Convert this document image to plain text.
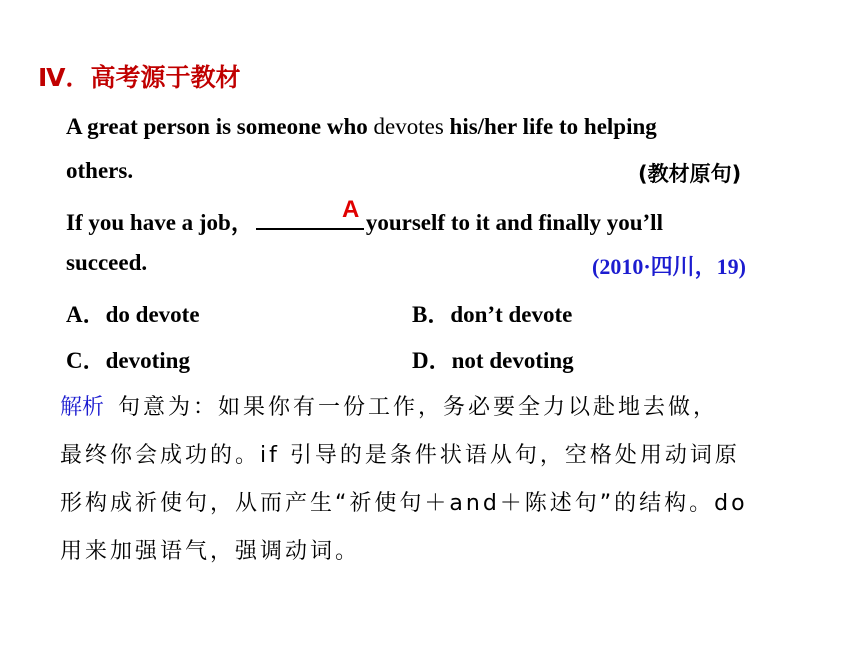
Ⅳ．高考源于教材
A great person is someone who devotes his/her life to helping
others.	(教材原句)
If you have a job，	yourself to it and finally you’ll
A
succeed.	(2010·四川，19)
A．do devote	B．don’t devote
C．devoting	D．not devoting
解析 句意为：如果你有一份工作，务必要全力以赴地去做，
最终你会成功的。if 引导的是条件状语从句，空格处用动词原
形构成祈使句，从而产生“祈使句＋and＋陈述句”的结构。do
用来加强语气，强调动词。
